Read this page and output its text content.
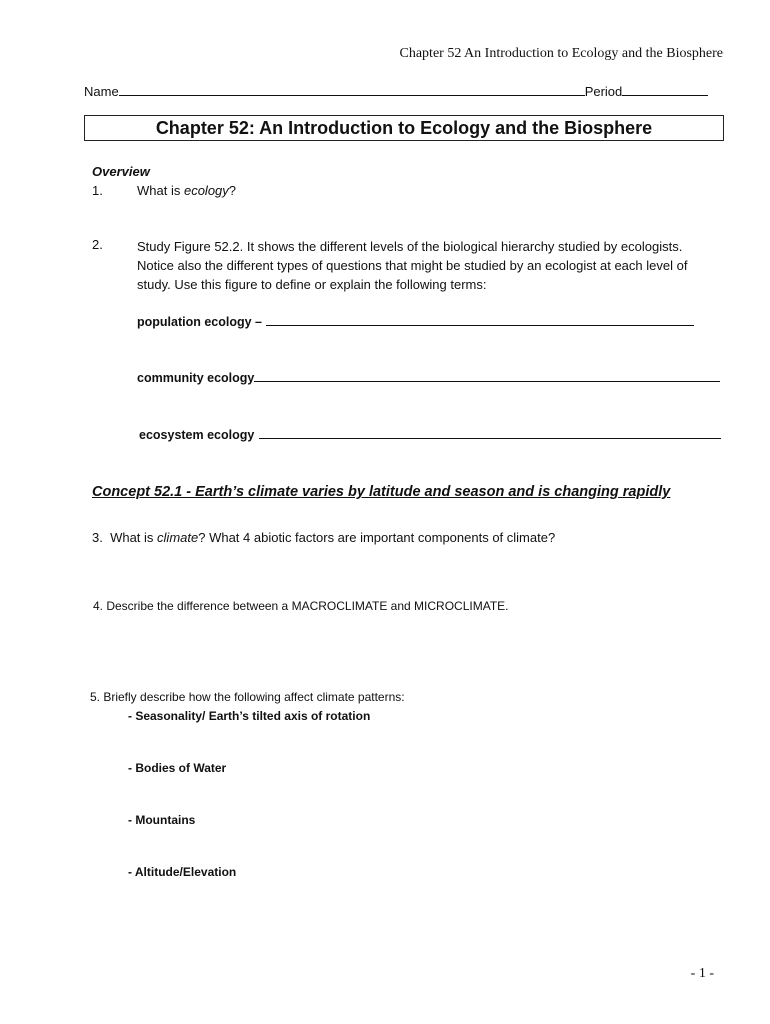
Chapter 52 An Introduction to Ecology and the Biosphere
Name	Period
Chapter 52: An Introduction to Ecology and the Biosphere
Overview
1.	What is ecology?
2.	Study Figure 52.2. It shows the different levels of the biological hierarchy studied by ecologists. Notice also the different types of questions that might be studied by an ecologist at each level of study. Use this figure to define or explain the following terms:
population ecology –
community ecology
ecosystem ecology
Concept 52.1 - Earth’s climate varies by latitude and season and is changing rapidly
3. What is climate? What 4 abiotic factors are important components of climate?
4. Describe the difference between a MACROCLIMATE and MICROCLIMATE.
5. Briefly describe how the following affect climate patterns:
- Seasonality/ Earth’s tilted axis of rotation
- Bodies of Water
- Mountains
- Altitude/Elevation
- 1 -
